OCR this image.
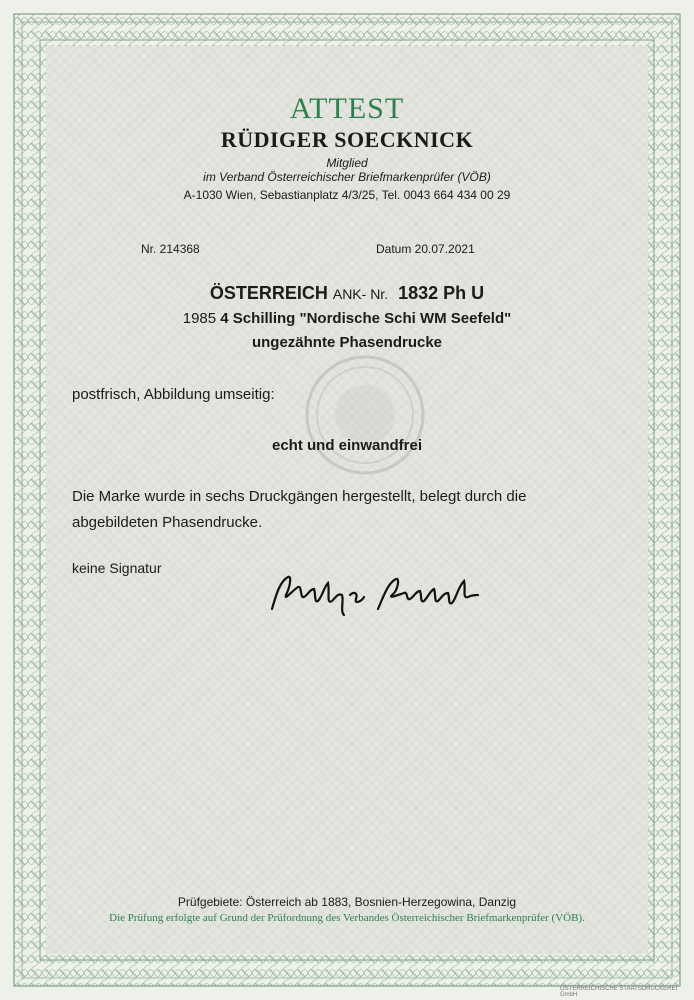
ATTEST
RÜDIGER SOECKNICK
Mitglied
im Verband Österreichischer Briefmarkenprüfer (VÖB)
A-1030 Wien, Sebastianplatz 4/3/25, Tel. 0043 664 434 00 29
Nr. 214368	Datum 20.07.2021
ÖSTERREICH ANK- Nr. 1832 Ph U
1985 4 Schilling "Nordische Schi WM Seefeld"
ungezähnte Phasendrucke
postfrisch, Abbildung umseitig:
echt und einwandfrei
Die Marke wurde in sechs Druckgängen hergestellt, belegt durch die abgebildeten Phasendrucke.
keine Signatur
Prüfgebiete: Österreich ab 1883, Bosnien-Herzegowina, Danzig
Die Prüfung erfolgte auf Grund der Prüfordnung des Verbandes Österreichischer Briefmarkenprüfer (VÖB).
ÖSTERREICHISCHE STAATSDRUCKEREI GmbH
